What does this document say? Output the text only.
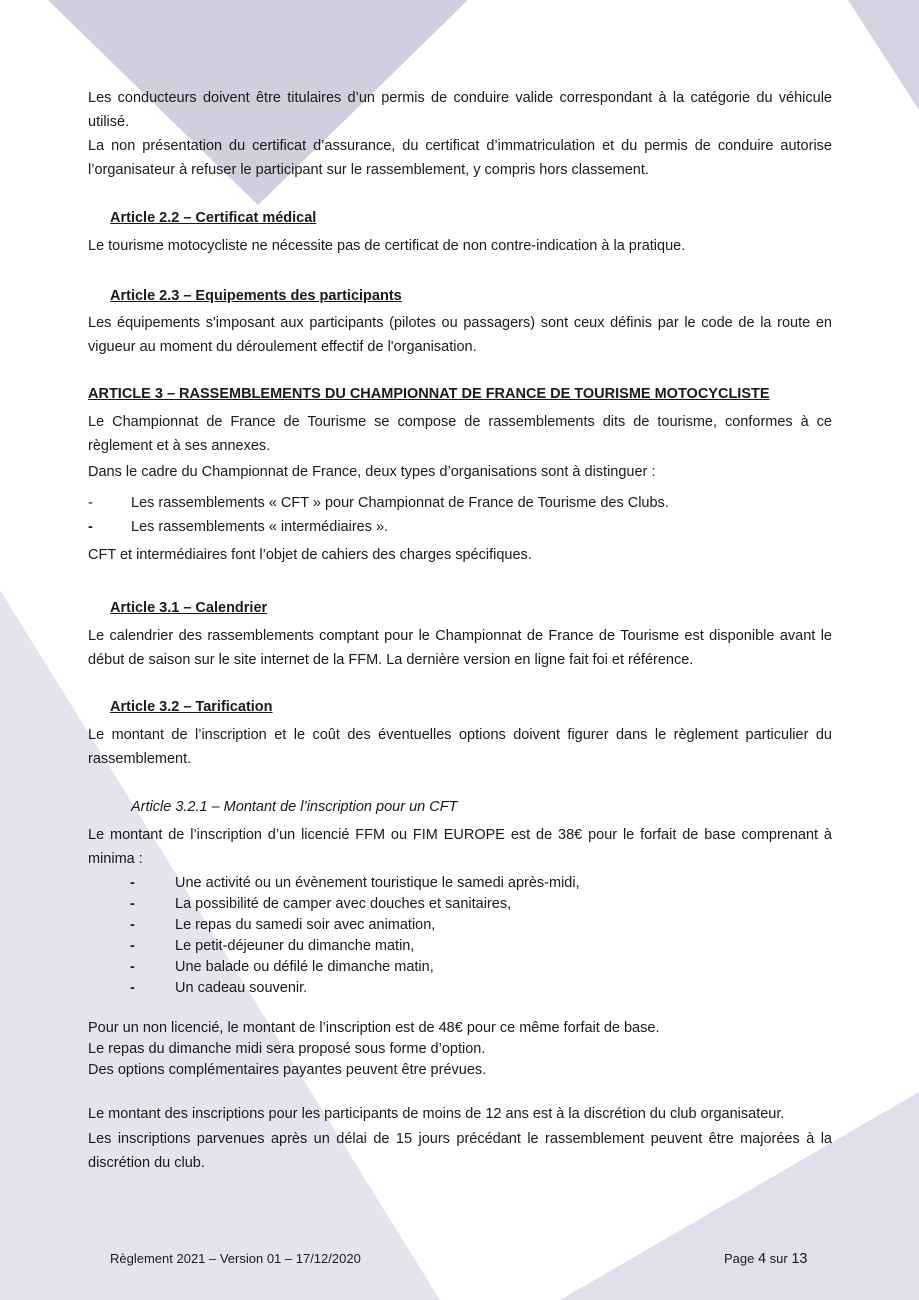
Les conducteurs doivent être titulaires d’un permis de conduire valide correspondant à la catégorie du véhicule utilisé.

La non présentation du certificat d’assurance, du certificat d’immatriculation et du permis de conduire autorise l’organisateur à refuser le participant sur le rassemblement, y compris hors classement.

Article 2.2 – Certificat médical

Le tourisme motocycliste ne nécessite pas de certificat de non contre-indication à la pratique.

Article 2.3 – Equipements des participants

Les équipements s'imposant aux participants (pilotes ou passagers) sont ceux définis par le code de la route en vigueur au moment du déroulement effectif de l'organisation.

ARTICLE 3 – RASSEMBLEMENTS DU CHAMPIONNAT DE FRANCE DE TOURISME MOTOCYCLISTE

Le Championnat de France de Tourisme se compose de rassemblements dits de tourisme, conformes à ce règlement et à ses annexes.

Dans le cadre du Championnat de France, deux types d’organisations sont à distinguer :

-	Les rassemblements « CFT » pour Championnat de France de Tourisme des Clubs.
-	Les rassemblements « intermédiaires ».

CFT et intermédiaires font l’objet de cahiers des charges spécifiques.

Article 3.1 – Calendrier

Le calendrier des rassemblements comptant pour le Championnat de France de Tourisme est disponible avant le début de saison sur le site internet de la FFM. La dernière version en ligne fait foi et référence.

Article 3.2 – Tarification

Le montant de l’inscription et le coût des éventuelles options doivent figurer dans le règlement particulier du rassemblement.

Article 3.2.1 – Montant de l’inscription pour un CFT

Le montant de l’inscription d’un licencié FFM ou FIM EUROPE est de 38€ pour le forfait de base comprenant à minima :

-	Une activité ou un évènement touristique le samedi après-midi,
-	La possibilité de camper avec douches et sanitaires,
-	Le repas du samedi soir avec animation,
-	Le petit-déjeuner du dimanche matin,
-	Une balade ou défilé le dimanche matin,
-	Un cadeau souvenir.
Pour un non licencié, le montant de l’inscription est de 48€ pour ce même forfait de base.
Le repas du dimanche midi sera proposé sous forme d’option.
Des options complémentaires payantes peuvent être prévues.

Le montant des inscriptions pour les participants de moins de 12 ans est à la discrétion du club organisateur.

Les inscriptions parvenues après un délai de 15 jours précédant le rassemblement peuvent être majorées à la discrétion du club.

Règlement 2021 – Version 01 – 17/12/2020	Page 4 sur 13
